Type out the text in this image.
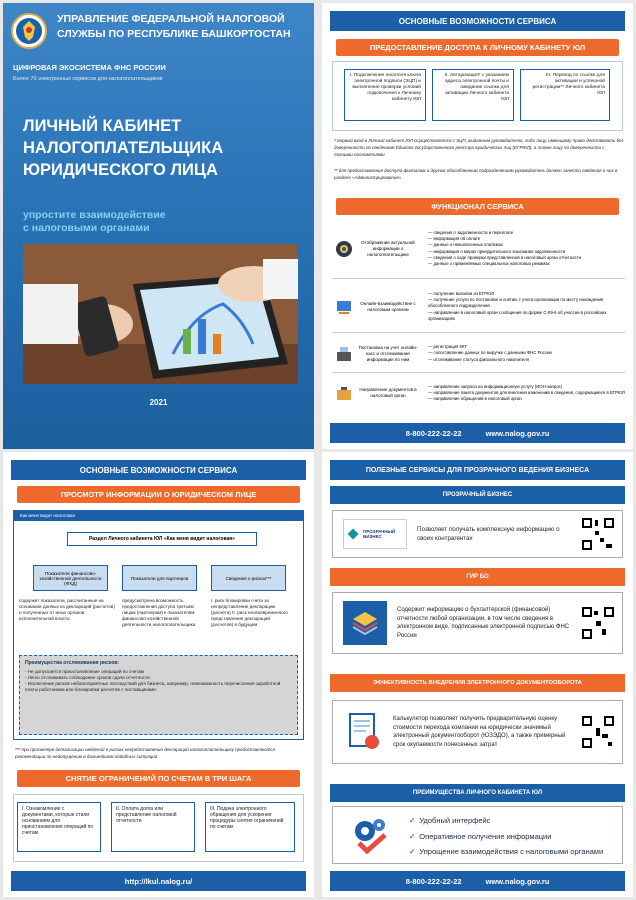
УПРАВЛЕНИЕ ФЕДЕРАЛЬНОЙ НАЛОГОВОЙ СЛУЖБЫ ПО РЕСПУБЛИКЕ БАШКОРТОСТАН
ЦИФРОВАЯ ЭКОСИСТЕМА ФНС РОССИИ
Более 70 электронных сервисов для налогоплательщиков
ЛИЧНЫЙ КАБИНЕТ НАЛОГОПЛАТЕЛЬЩИКА ЮРИДИЧЕСКОГО ЛИЦА
упростите взаимодействие
с налоговыми органами
2021
ОСНОВНЫЕ ВОЗМОЖНОСТИ СЕРВИСА
ПРЕДОСТАВЛЕНИЕ ДОСТУПА К ЛИЧНОМУ КАБИНЕТУ ЮЛ
I. Подключение носителя ключа электронной подписи (ЭЦП) и выполнение проверки условий подключения к Личному кабинету ЮЛ
II. Авторизация* с указанием адреса электронной почты и ожидание ссылки для активации Личного кабинета ЮЛ
III. Переход по ссылке для активации и успешной регистрации** Личного кабинета ЮЛ
* первый вход в Личный кабинет ЮЛ осуществляется с ЭЦП, выданным руководителю, либо лицу, имеющему право действовать без доверенности по сведениям Единого государственного реестра юридических лиц (ЕГРЮЛ), а также лицу по доверенности с полными полномочиями
** для предоставления доступа филиалам и другим обособленным подразделениям руководитель должен занести сведения о них в разделе «Администрирование»
ФУНКЦИОНАЛ СЕРВИСА
Отображение актуальной информации о налогоплательщике
— сведения о задолженности и переплате
— информация об оплате
— данные о невыясненных платежах
— информация о мерах принудительного взыскания задолженности
— сведения о ходе проверки представленной в налоговый орган отчетности
— данные о применяемых специальных налоговых режимах
Онлайн-взаимодействие с налоговым органом
— получение выписки из ЕГРЮЛ
— получение услуги по постановке и снятию с учета организации по месту нахождения обособленного подразделения
— направление в налоговый орган сообщения по форме С-09-6 об участии в российских организациях
Постановка на учет онлайн-касс и отслеживание информации по ним
— регистрация ККТ
— сопоставление данных по выручке с данными ФНС России
— отслеживание статуса фискального накопителя
Направление документов в налоговый орган
— направление запроса на информационную услугу (ИОН-запрос)
— направление пакета документов для внесения изменений в сведения, содержащиеся в ЕГРЮЛ
— направление обращений в налоговый орган
8-800-222-22-22	www.nalog.gov.ru
ОСНОВНЫЕ ВОЗМОЖНОСТИ СЕРВИСА
ПРОСМОТР ИНФОРМАЦИИ О ЮРИДИЧЕСКОМ ЛИЦЕ
Как меня видит налоговая
Раздел Личного кабинета ЮЛ «Как меня видит налоговая»
Показатели финансово-хозяйственной деятельности (ФХД)
Показатели для партнеров	Сведения о рисках***
содержит показатели, рассчитанные на основании данных из деклараций (расчетов) и полученных от иных органов исполнительной власти
предусмотрена возможность предоставления доступа третьим лицам (партнерам) к показателям финансово-хозяйственной деятельности налогоплательщика
I. риск блокировки счета за непредставление декларации (расчета) II. риск несвоевременного представления деклараций (расчетов) в будущем
Преимущества отслеживания рисков:
- Не допускается приостановление операций по счетам
- Легко отслеживать соблюдение сроков сдачи отчетности
- Исключение рисков неблагоприятных последствий для бизнеса, например, невозможность перечисления заработной платы работникам или блокировки расчетов с поставщиками
*** при просмотре детализации сведений о рисках непредставления деклараций налогоплательщику предоставляются рекомендации по недопущению в дальнейшем подобных ситуаций
СНЯТИЕ ОГРАНИЧЕНИЙ ПО СЧЕТАМ В ТРИ ШАГА
I. Ознакомление с документами, которые стали основанием для приостановления операций по счетам
II. Оплата долга или представление налоговой отчетности
III. Подача электронного обращения для ускорения процедуры снятия ограничений по счетам
http://lkul.nalog.ru/
ПОЛЕЗНЫЕ СЕРВИСЫ ДЛЯ ПРОЗРАЧНОГО ВЕДЕНИЯ БИЗНЕСА
ПРОЗРАЧНЫЙ БИЗНЕС
ПРОЗРАЧНЫЙ БИЗНЕС
Позволяет получать комплексную информацию о своих контрагентах
ГИР БО
Содержит информацию о бухгалтерской (финансовой) отчетности любой организации, в том числе сведения в электронном виде, подписанные электронной подписью ФНС России
ЭФФЕКТИВНОСТЬ ВНЕДРЕНИЯ ЭЛЕКТРОННОГО ДОКУМЕНТООБОРОТА
Калькулятор позволяет получить предварительную оценку стоимости перехода компании на юридически значимый электронный документооборот (ЮЗЭДО), а также примерный срок окупаемости понесенных затрат
ПРЕИМУЩЕСТВА ЛИЧНОГО КАБИНЕТА ЮЛ
✓ Удобный интерфейс
✓ Оперативное получение информации
✓ Упрощение взаимодействия с налоговыми органами
8-800-222-22-22	www.nalog.gov.ru
